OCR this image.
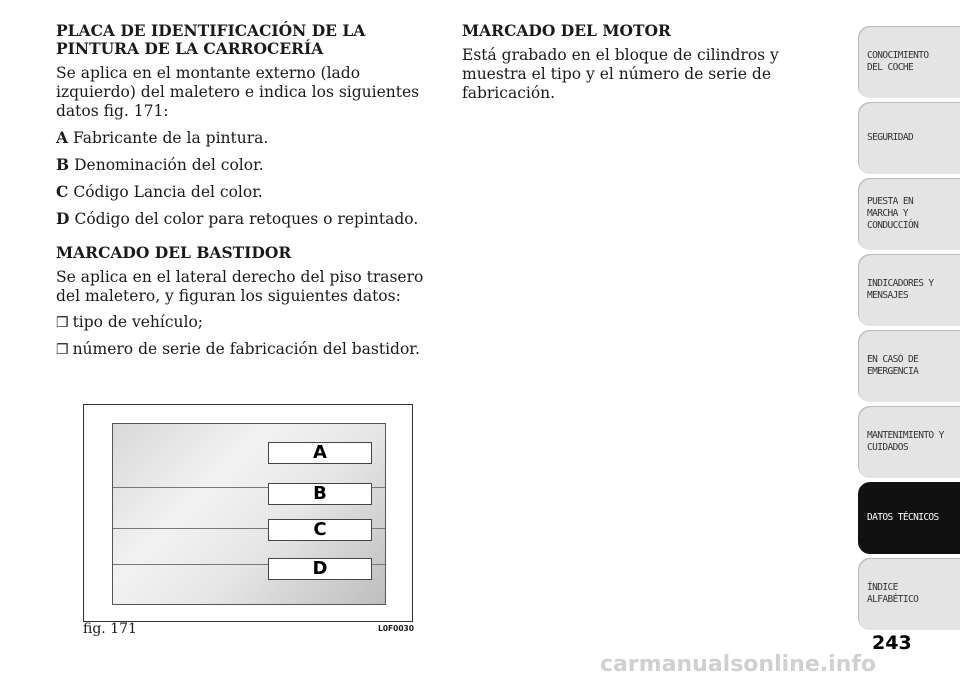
PLACA DE IDENTIFICACIÓN DE LA PINTURA DE LA CARROCERÍA

Se aplica en el montante externo (lado izquierdo) del maletero e indica los siguientes datos fig. 171:

A Fabricante de la pintura.

B Denominación del color.

C Código Lancia del color.

D Código del color para retoques o repintado.

MARCADO DEL BASTIDOR

Se aplica en el lateral derecho del piso trasero del maletero, y figuran los siguientes datos:

❒ tipo de vehículo;

❒ número de serie de fabricación del bastidor.

MARCADO DEL MOTOR

Está grabado en el bloque de cilindros y muestra el tipo y el número de serie de fabricación.

A
B
C
D
fig. 171	L0F0030
CONOCIMIENTO
DEL COCHE
SEGURIDAD
PUESTA EN
MARCHA Y
CONDUCCIÓN
INDICADORES Y
MENSAJES
EN CASO DE
EMERGENCIA
MANTENIMIENTO Y
CUIDADOS
DATOS TÉCNICOS
ÍNDICE
ALFABÉTICO
243
carmanualsonline.info
